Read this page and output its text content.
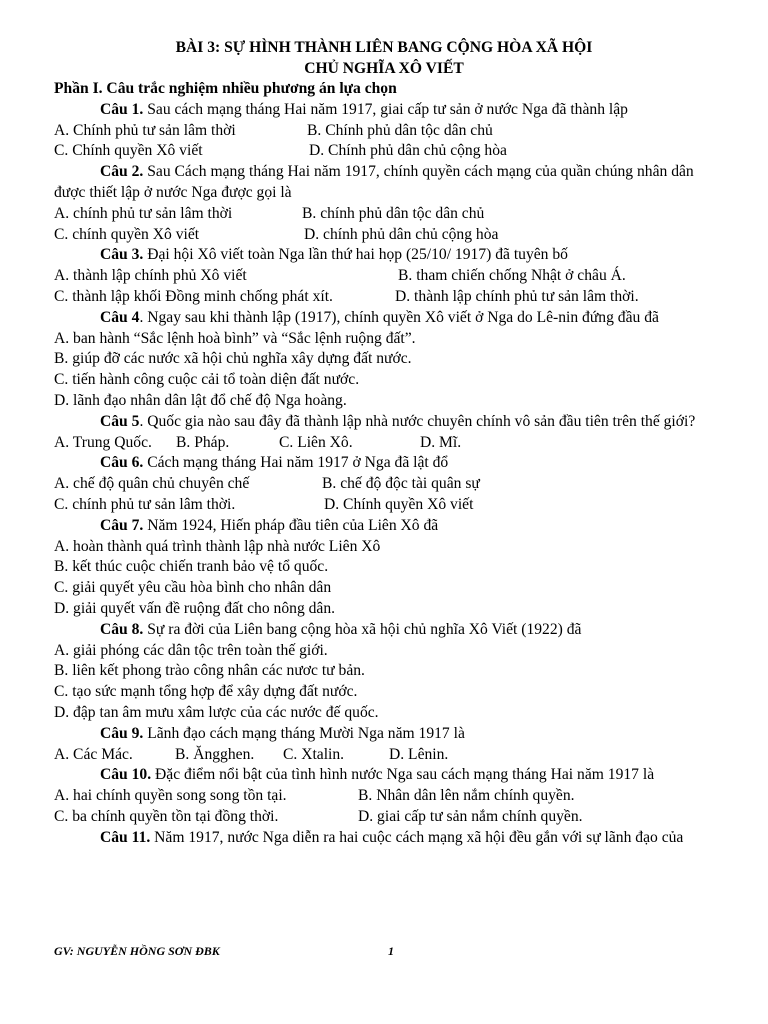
BÀI 3: SỰ HÌNH THÀNH LIÊN BANG CỘNG HÒA XÃ HỘI
CHỦ NGHĨA XÔ VIẾT
Phần I. Câu trắc nghiệm nhiều phương án lựa chọn
Câu 1. Sau cách mạng tháng Hai năm 1917, giai cấp tư sản ở nước Nga đã thành lập
A. Chính phủ tư sản lâm thời	B. Chính phủ dân tộc dân chủ
C. Chính quyền Xô viết	D. Chính phủ dân chủ cộng hòa
Câu 2. Sau Cách mạng tháng Hai năm 1917, chính quyền cách mạng của quần chúng nhân dân được thiết lập ở nước Nga được gọi là
A. chính phủ tư sản lâm thời	B. chính phủ dân tộc dân chủ
C. chính quyền Xô viết	D. chính phủ dân chủ cộng hòa
Câu 3. Đại hội Xô viết toàn Nga lần thứ hai họp (25/10/ 1917) đã tuyên bố
A. thành lập chính phủ Xô viết	B. tham chiến chống Nhật ở châu Á.
C. thành lập khối Đồng minh chống phát xít.	D. thành lập chính phủ tư sản lâm thời.
Câu 4. Ngay sau khi thành lập (1917), chính quyền Xô viết ở Nga do Lê-nin đứng đầu đã
A. ban hành “Sắc lệnh hoà bình” và “Sắc lệnh ruộng đất”.
B. giúp đỡ các nước xã hội chủ nghĩa xây dựng đất nước.
C. tiến hành công cuộc cải tổ toàn diện đất nước.
D. lãnh đạo nhân dân lật đổ chế độ Nga hoàng.
Câu 5. Quốc gia nào sau đây đã thành lập nhà nước chuyên chính vô sản đầu tiên trên thế giới?
A. Trung Quốc.	B. Pháp.	C. Liên Xô.	D. Mĩ.
Câu 6. Cách mạng tháng Hai năm 1917 ở Nga đã lật đổ
A. chế độ quân chủ chuyên chế	B. chế độ độc tài quân sự
C. chính phủ tư sản lâm thời.	D. Chính quyền Xô viết
Câu 7. Năm 1924, Hiến pháp đầu tiên của Liên Xô đã
A. hoàn thành quá trình thành lập nhà nước Liên Xô
B. kết thúc cuộc chiến tranh bảo vệ tổ quốc.
C. giải quyết yêu cầu hòa bình cho nhân dân
D. giải quyết vấn đề ruộng đất cho nông dân.
Câu 8. Sự ra đời của Liên bang cộng hòa xã hội chủ nghĩa Xô Viết (1922) đã
A. giải phóng các dân tộc trên toàn thế giới.
B. liên kết phong trào công nhân các nươc tư bản.
C. tạo sức mạnh tổng hợp để xây dựng đất nước.
D. đập tan âm mưu xâm lược của các nước đế quốc.
Câu 9. Lãnh đạo cách mạng tháng Mười Nga năm 1917 là
A. Các Mác.	B. Ăngghen.	C. Xtalin.	D. Lênin.
Câu 10. Đặc điểm nổi bật của tình hình nước Nga sau cách mạng tháng Hai năm 1917 là
A. hai chính quyền song song tồn tại.	B. Nhân dân lên nắm chính quyền.
C. ba chính quyền tồn tại đồng thời.	D. giai cấp tư sản nắm chính quyền.
Câu 11. Năm 1917, nước Nga diễn ra hai cuộc cách mạng xã hội đều gắn với sự lãnh đạo của
GV: NGUYỄN HỒNG SƠN ĐBK	1
